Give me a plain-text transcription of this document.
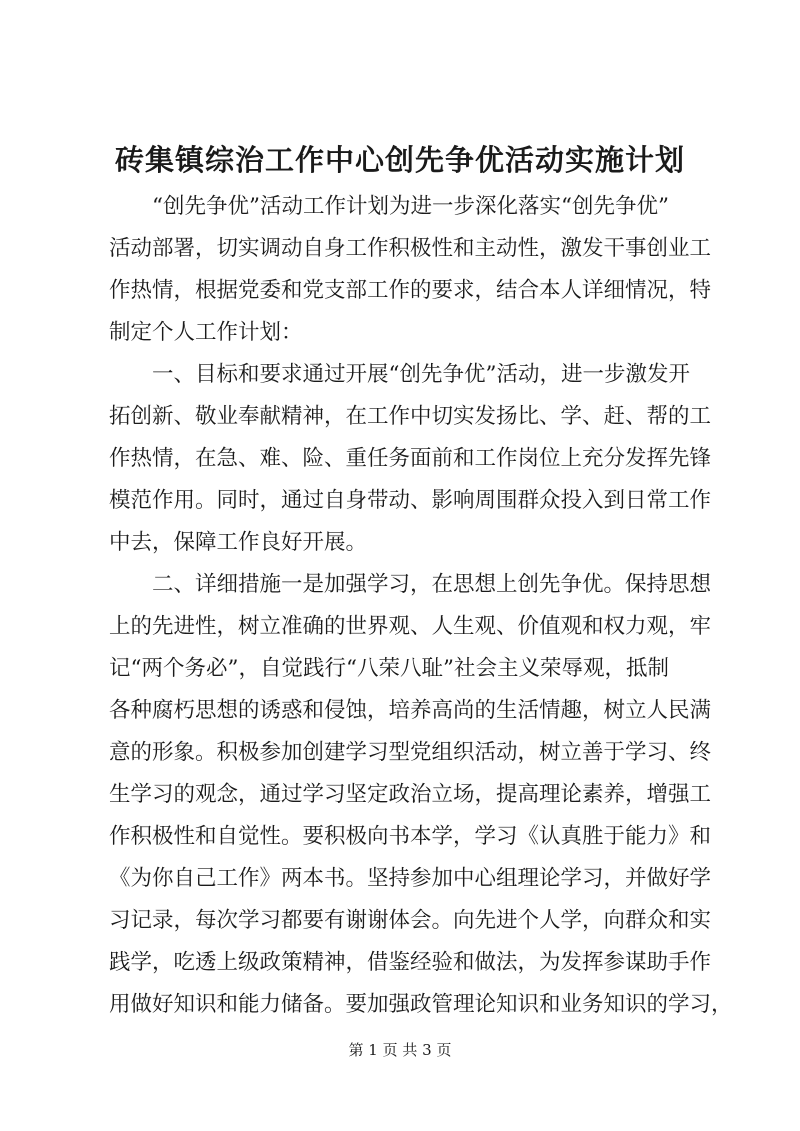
砖集镇综治工作中心创先争优活动实施计划

“创先争优”活动工作计划为进一步深化落实“创先争优”
活动部署，切实调动自身工作积极性和主动性，激发干事创业工
作热情，根据党委和党支部工作的要求，结合本人详细情况，特
制定个人工作计划：

一、目标和要求通过开展“创先争优”活动，进一步激发开
拓创新、敬业奉献精神，在工作中切实发扬比、学、赶、帮的工
作热情，在急、难、险、重任务面前和工作岗位上充分发挥先锋
模范作用。同时，通过自身带动、影响周围群众投入到日常工作
中去，保障工作良好开展。

二、详细措施一是加强学习，在思想上创先争优。保持思想
上的先进性，树立准确的世界观、人生观、价值观和权力观，牢
记“两个务必”，自觉践行“八荣八耻”社会主义荣辱观，抵制
各种腐朽思想的诱惑和侵蚀，培养高尚的生活情趣，树立人民满
意的形象。积极参加创建学习型党组织活动，树立善于学习、终
生学习的观念，通过学习坚定政治立场，提高理论素养，增强工
作积极性和自觉性。要积极向书本学，学习《认真胜于能力》和
《为你自己工作》两本书。坚持参加中心组理论学习，并做好学
习记录，每次学习都要有谢谢体会。向先进个人学，向群众和实
践学，吃透上级政策精神，借鉴经验和做法，为发挥参谋助手作
用做好知识和能力储备。要加强政管理论知识和业务知识的学习，

第 1 页 共 3 页
